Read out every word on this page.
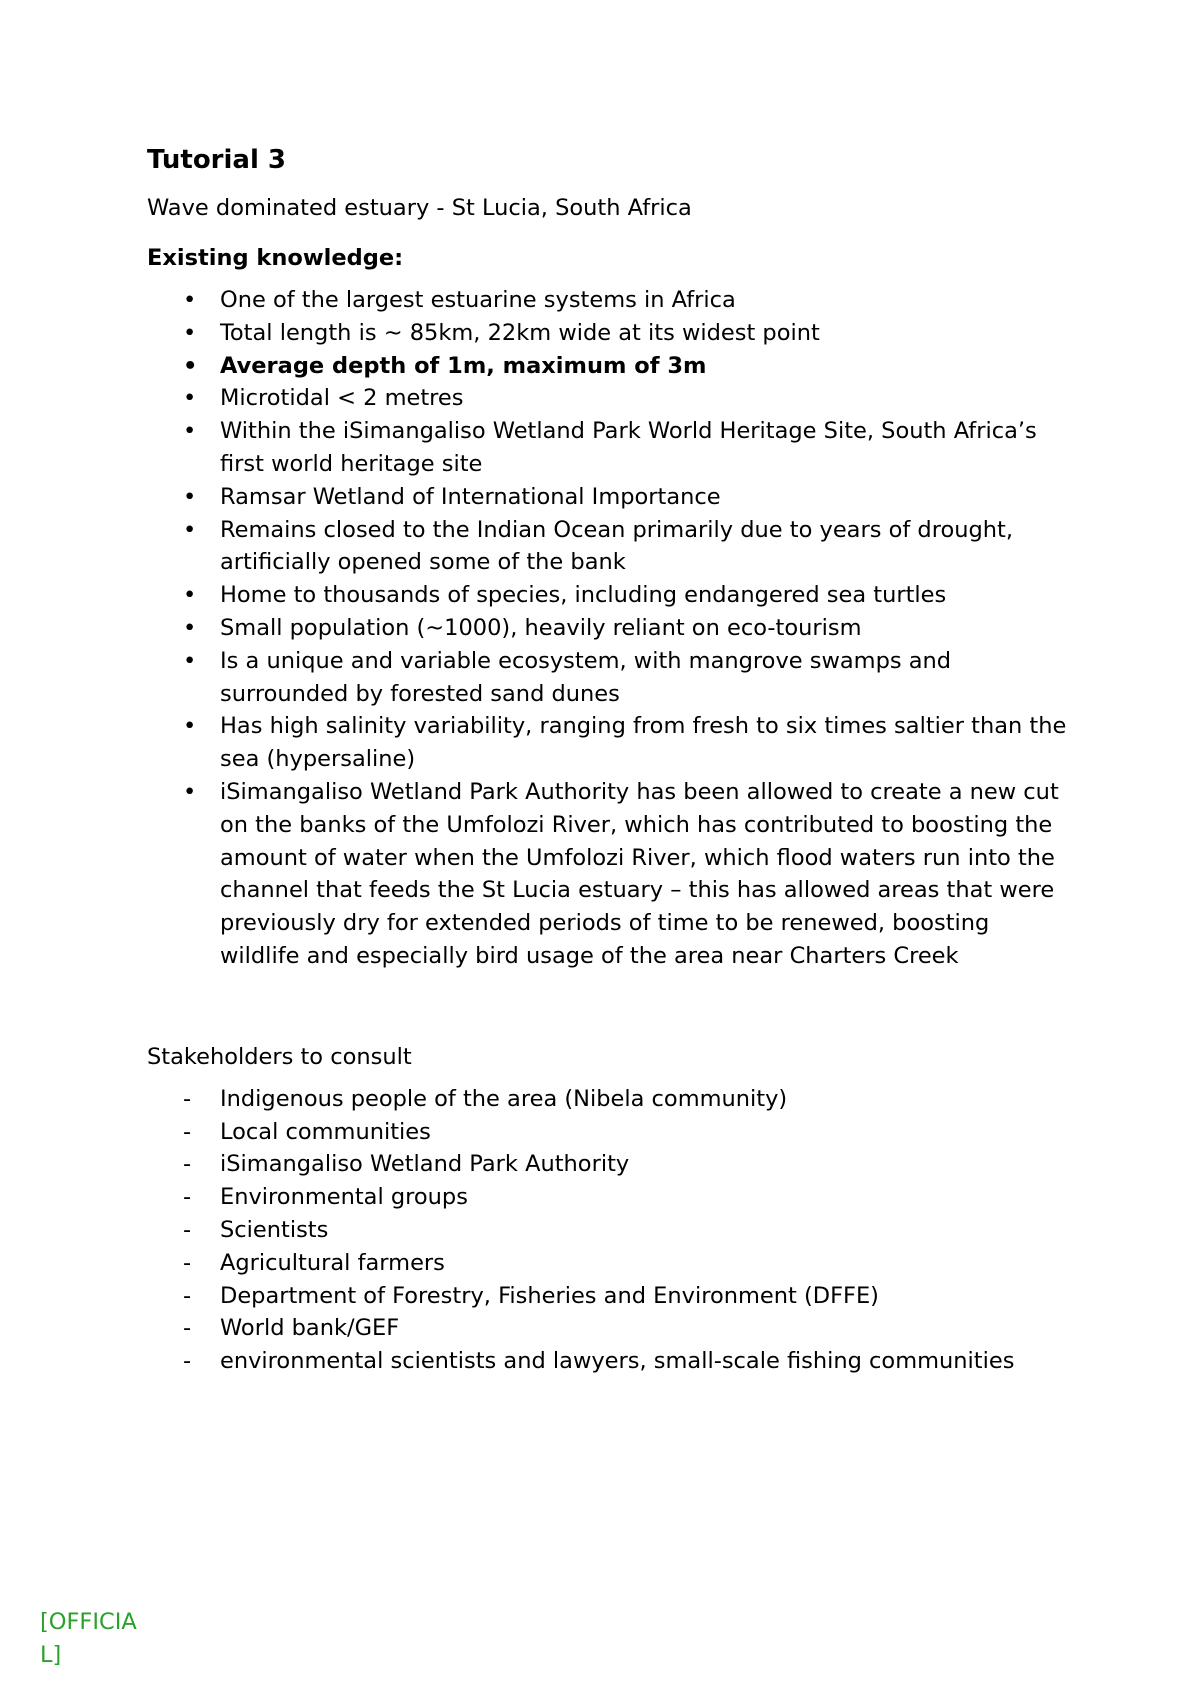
Tutorial 3

Wave dominated estuary - St Lucia, South Africa

Existing knowledge:

• One of the largest estuarine systems in Africa
• Total length is ~ 85km, 22km wide at its widest point
• Average depth of 1m, maximum of 3m
• Microtidal < 2 metres
• Within the iSimangaliso Wetland Park World Heritage Site, South Africa’s first world heritage site
• Ramsar Wetland of International Importance
• Remains closed to the Indian Ocean primarily due to years of drought, artificially opened some of the bank
• Home to thousands of species, including endangered sea turtles
• Small population (~1000), heavily reliant on eco-tourism
• Is a unique and variable ecosystem, with mangrove swamps and surrounded by forested sand dunes
• Has high salinity variability, ranging from fresh to six times saltier than the sea (hypersaline)
• iSimangaliso Wetland Park Authority has been allowed to create a new cut on the banks of the Umfolozi River, which has contributed to boosting the amount of water when the Umfolozi River, which flood waters run into the channel that feeds the St Lucia estuary – this has allowed areas that were previously dry for extended periods of time to be renewed, boosting wildlife and especially bird usage of the area near Charters Creek

Stakeholders to consult

- Indigenous people of the area (Nibela community)
- Local communities
- iSimangaliso Wetland Park Authority
- Environmental groups
- Scientists
- Agricultural farmers
- Department of Forestry, Fisheries and Environment (DFFE)
- World bank/GEF
- environmental scientists and lawyers, small-scale fishing communities
[OFFICIAL]
